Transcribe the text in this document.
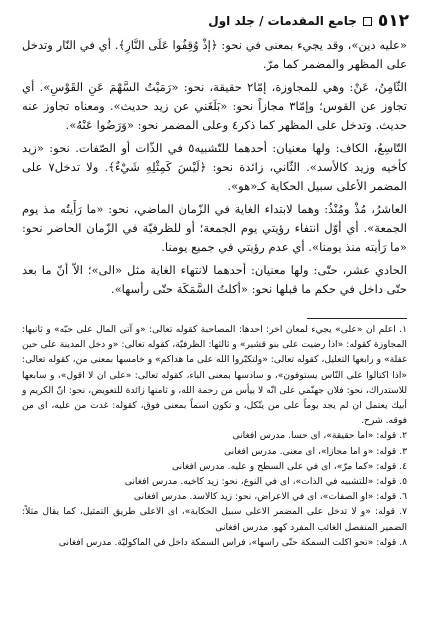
٥١٢
جامع المقدمات / جلد اول

«عليه دين»، وقد يجيء بمعنى في نحو: ﴿إذْ وُقِفُوا عَلَى النَّارِ﴾. أي في النّار وتدخل على المظهر والمضمر كما مرّ.

الثّامِنُ، عَنْ: وهي للمجاوزة، إمّا٢ حقيقة، نحو: «رَمَيْتُ السَّهْمَ عَنِ القَوْسِ». أي تجاوز عن القوس؛ وإمّا٣ مجازاً نحو: «بَلَغَني عن زيد حديث». ومعناه تجاوز عنه حديث. وتدخل على المظهر كما ذكر٤ وعلى المضمر نحو: «وَرَضُوا عَنْهُ».

التّاسِعُ، الكاف: ولها معنيان: أحدهما للتّشبيه٥ في الذّات أو الصّفات. نحو: «زيد كأخيه وزيد كالأسد». الثّاني، زائدة نحو: ﴿لَيْسَ كَمِثْلِهِ شَيْءٌ﴾. ولا تدخل٧ على المضمر الأعلى سبيل الحكاية كـ«هو».

العاشرُ، مُذْ ومُنْذُ: وهما لابتداء الغاية في الزّمان الماضي، نحو: «ما رَأَيتُه مذ يوم الجمعة». أي أوّل انتفاء رؤيتي يوم الجمعة؛ أو للظرفيّة في الزّمان الحاضر نحو: «ما رَأيته منذ يومنا». أي عدم رؤيتي في جميع يومنا.

الحادي عشر، حتّى: ولها معنيان: أحدهما لانتهاء الغاية مثل «الى»؛ الاّ أنّ ما بعد حتّى داخل في حكم ما قبلها نحو: «أكلتُ السَّمَكَة حتّى رأسها».

١. اعلم ان «على» يجيء لمعان اخر: احدها: المصاحبة كقوله تعالى: «و آتى المال على حبّه» و ثانيها: المجاوزة كقوله: «اذا رضيت على بنو قشير» و ثالثها: الظرفيّة، كقوله تعالى: «و دخل المدينة على حين غفلة» و رابعها التعليل، كقوله تعالى: «ولتكبّروا الله على ما هداكم» و خامسها بمعنى من، كقوله تعالى: «اذا اكتالوا على النّاس يستوفون»، و سادسها بمعنى الباء، كقوله تعالى: «على ان لا اقول»، و سابعها للاستدراك، نحو: فلان جهنّمي على انّه لا ييأس من رحمة الله، و ثامنها زائدة للتعويض، نحو: انّ الكريم و أبيك يعتمل ان لم يجد يوماً على من يتّكل، و تكون اسماً بمعنى فوق، كقوله: غدت من عليه، اى من فوقه. شرح.

٢. قوله: «اما حقيقة»، اى حسا. مدرس افغانى

٣. قوله: «و اما مجازا»، اى معنى. مدرس افغانى

٤. قوله: «كما مرّ»، اى في على السطح و عليه. مدرس افغانى

٥. قوله: «للتشبيه في الذات»، اى في النوع، نحو: زيد كاخيه. مدرس افغانى

٦. قوله: «او الصفات»، اى في الاعراض، نحو: زيد كالاسد. مدرس افغانى

٧. قوله: «و لا تدخل على المضمر الاعلى سبيل الحكاية»، اى الاعلى طريق التمثيل، كما يقال مثلاً: الضمير المنفصل الغائب المفرد كهو. مدرس افغانى

٨. قوله: «نحو اكلت السمكة حتّى راسها»، فراس السمكة داخل في الماكوليّة. مدرس افغانى
